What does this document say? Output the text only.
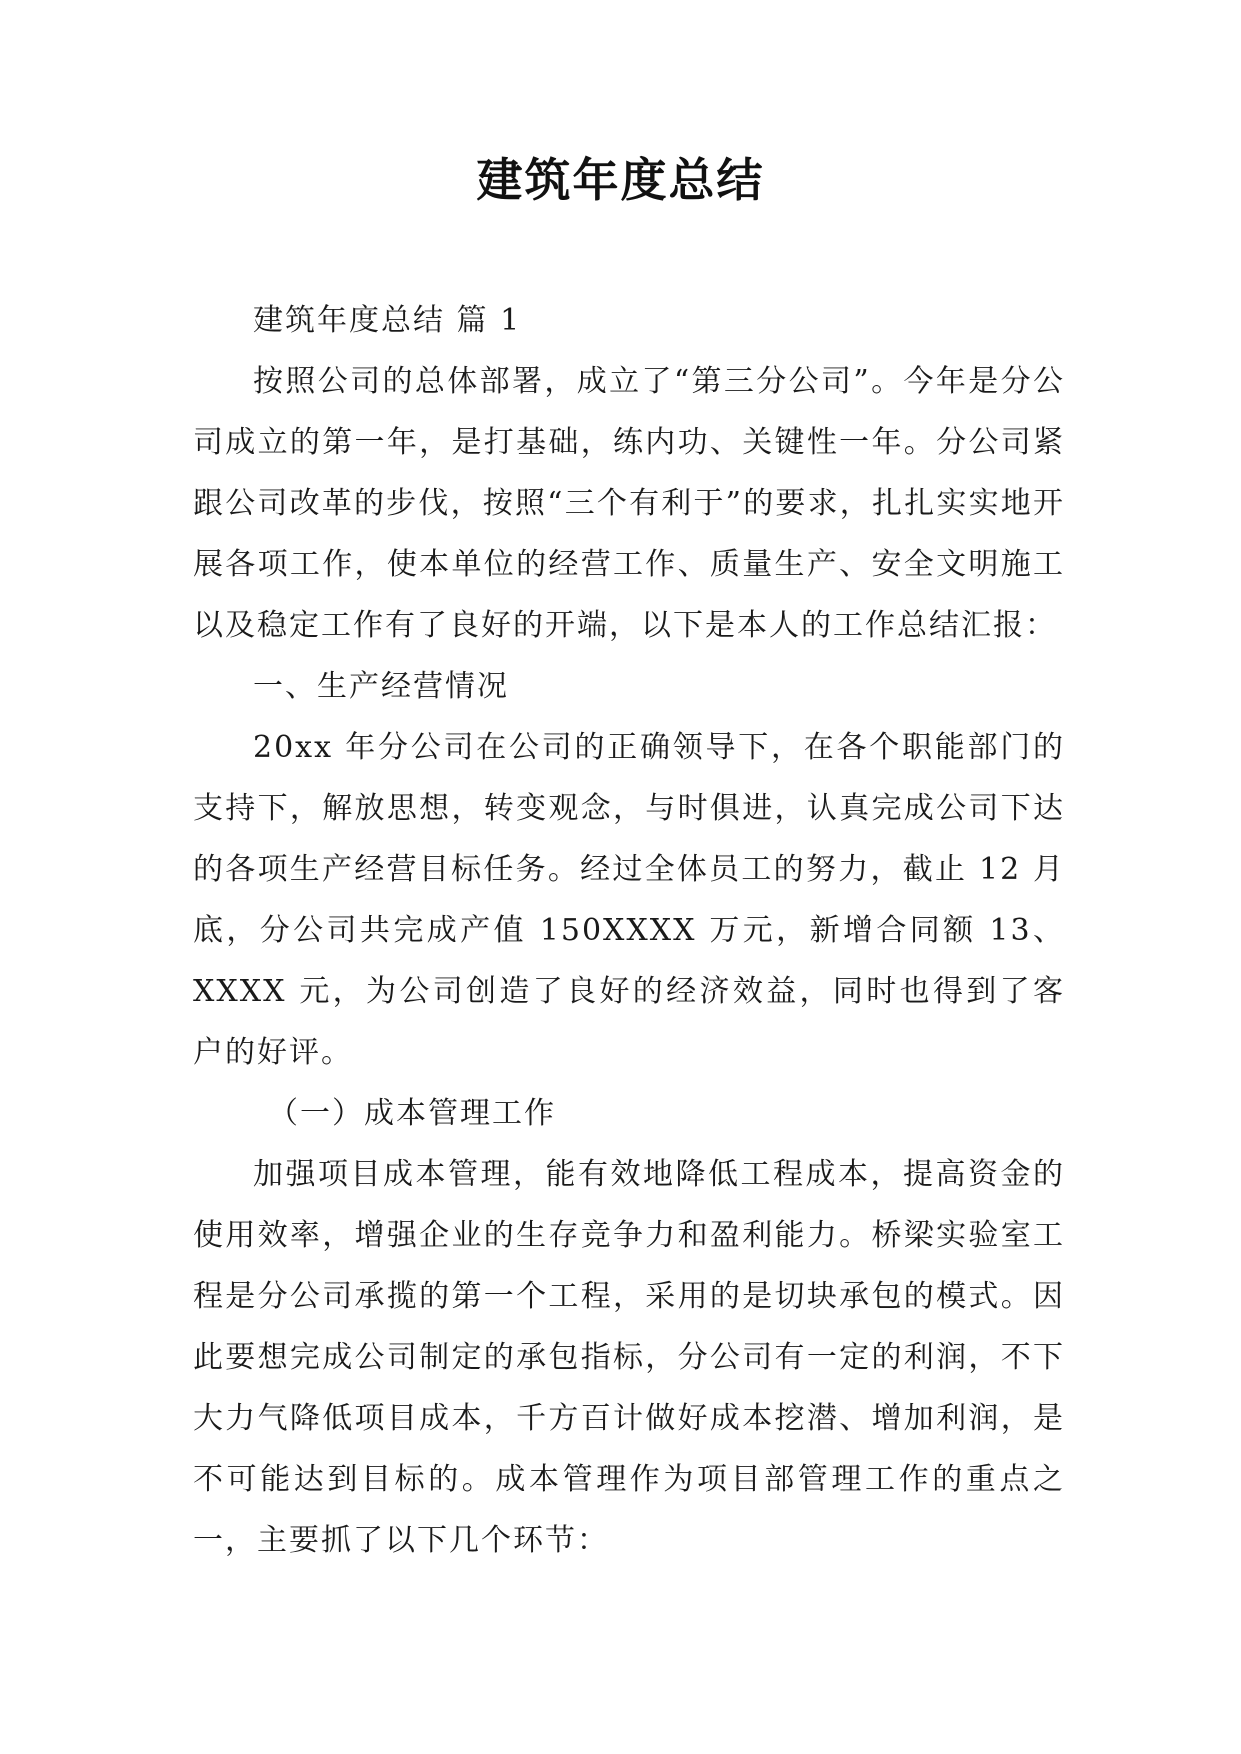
建筑年度总结

建筑年度总结 篇 1

按照公司的总体部署，成立了“第三分公司”。今年是分公司成立的第一年，是打基础，练内功、关键性一年。分公司紧跟公司改革的步伐，按照“三个有利于”的要求，扎扎实实地开展各项工作，使本单位的经营工作、质量生产、安全文明施工以及稳定工作有了良好的开端，以下是本人的工作总结汇报：

一、生产经营情况

20xx 年分公司在公司的正确领导下，在各个职能部门的支持下，解放思想，转变观念，与时俱进，认真完成公司下达的各项生产经营目标任务。经过全体员工的努力，截止 12 月底，分公司共完成产值 150XXXX 万元，新增合同额 13、XXXX 元，为公司创造了良好的经济效益，同时也得到了客户的好评。

（一）成本管理工作

加强项目成本管理，能有效地降低工程成本，提高资金的使用效率，增强企业的生存竞争力和盈利能力。桥梁实验室工程是分公司承揽的第一个工程，采用的是切块承包的模式。因此要想完成公司制定的承包指标，分公司有一定的利润，不下大力气降低项目成本，千方百计做好成本挖潜、增加利润，是不可能达到目标的。成本管理作为项目部管理工作的重点之一，主要抓了以下几个环节：
